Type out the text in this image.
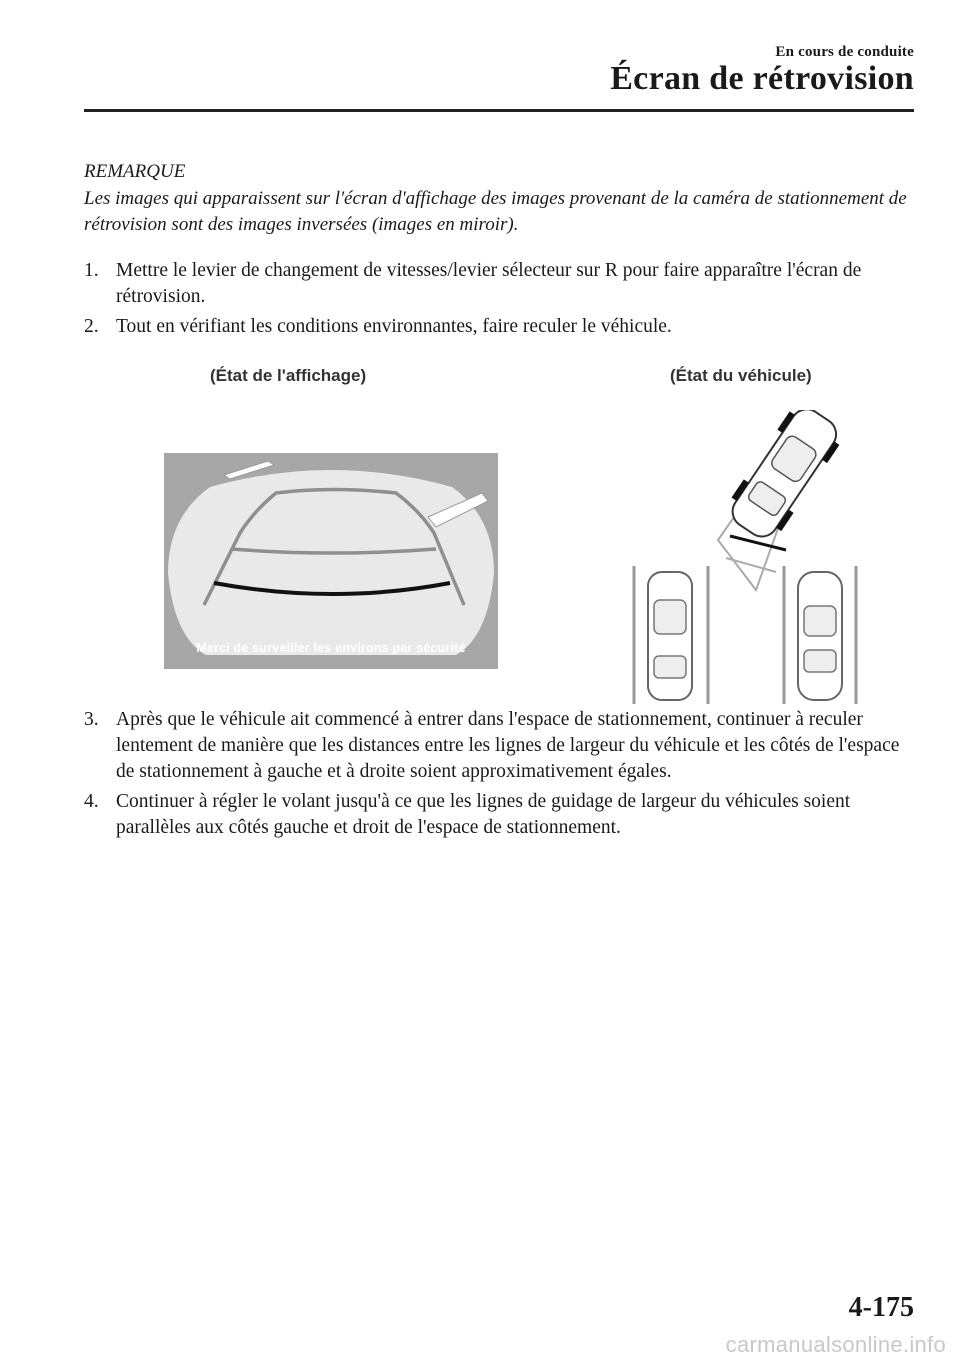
En cours de conduite
Écran de rétrovision
REMARQUE
Les images qui apparaissent sur l'écran d'affichage des images provenant de la caméra de stationnement de rétrovision sont des images inversées (images en miroir).
1. Mettre le levier de changement de vitesses/levier sélecteur sur R pour faire apparaître l'écran de rétrovision.
2. Tout en vérifiant les conditions environnantes, faire reculer le véhicule.
(État de l'affichage)	(État du véhicule)
Merci de surveiller les environs par sécurité
3. Après que le véhicule ait commencé à entrer dans l'espace de stationnement, continuer à reculer lentement de manière que les distances entre les lignes de largeur du véhicule et les côtés de l'espace de stationnement à gauche et à droite soient approximativement égales.
4. Continuer à régler le volant jusqu'à ce que les lignes de guidage de largeur du véhicules soient parallèles aux côtés gauche et droit de l'espace de stationnement.
4-175
carmanualsonline.info
